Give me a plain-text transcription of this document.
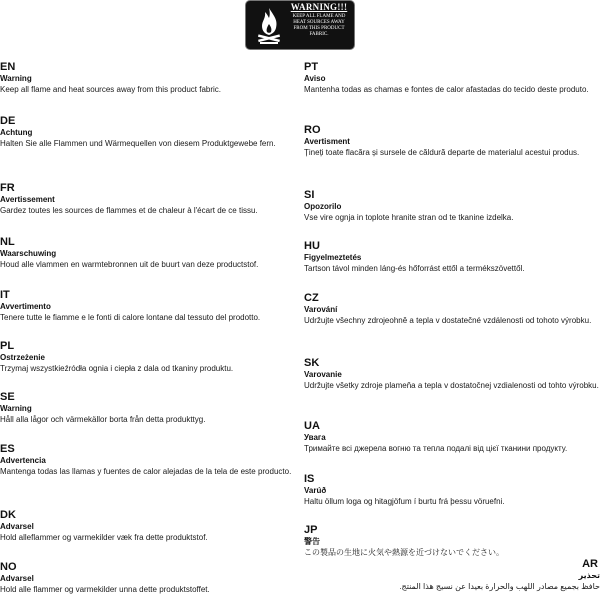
WARNING!!!
KEEP ALL FLAME AND HEAT SOURCES AWAY FROM THIS PRODUCT FABRIC.
EN
Warning
Keep all flame and heat sources away from this product fabric.
DE
Achtung
Halten Sie alle Flammen und Wärmequellen von diesem Produktgewebe fern.
FR
Avertissement
Gardez toutes les sources de flammes et de chaleur à l'écart de ce tissu.
NL
Waarschuwing
Houd alle vlammen en warmtebronnen uit de buurt van deze productstof.
IT
Avvertimento
Tenere tutte le fiamme e le fonti di calore lontane dal tessuto del prodotto.
PL
Ostrzeżenie
Trzymaj wszystkieźródła ognia i ciepła z dala od tkaniny produktu.
SE
Warning
Håll alla lågor och värmekällor borta från detta produkttyg.
ES
Advertencia
Mantenga todas las llamas y fuentes de calor alejadas de la tela de este producto.
DK
Advarsel
Hold alleflammer og varmekilder væk fra dette produktstof.
NO
Advarsel
Hold alle flammer og varmekilder unna dette produktstoffet.
PT
Aviso
Mantenha todas as chamas e fontes de calor afastadas do tecido deste produto.
RO
Avertisment
Țineți toate flacăra și sursele de căldură departe de materialul acestui produs.
SI
Opozorilo
Vse vire ognja in toplote hranite stran od te tkanine izdelka.
HU
Figyelmeztetés
Tartson távol minden láng-és hőforrást ettől a termékszövettől.
CZ
Varování
Udržujte všechny zdrojeohně a tepla v dostatečné vzdálenosti od tohoto výrobku.
SK
Varovanie
Udržujte všetky zdroje plameňa a tepla v dostatočnej vzdialenosti od tohto výrobku.
UA
Увага
Тримайте всі джерела вогню та тепла подалі від цієї тканини продукту.
IS
Varúð
Haltu öllum loga og hitagjöfum í burtu frá þessu vöruefni.
JP
警告
この製品の生地に火気や熱源を近づけないでください。
AR
تحذير
حافظ بجميع مصادر اللهب والحرارة بعيدا عن نسيج هذا المنتج.
